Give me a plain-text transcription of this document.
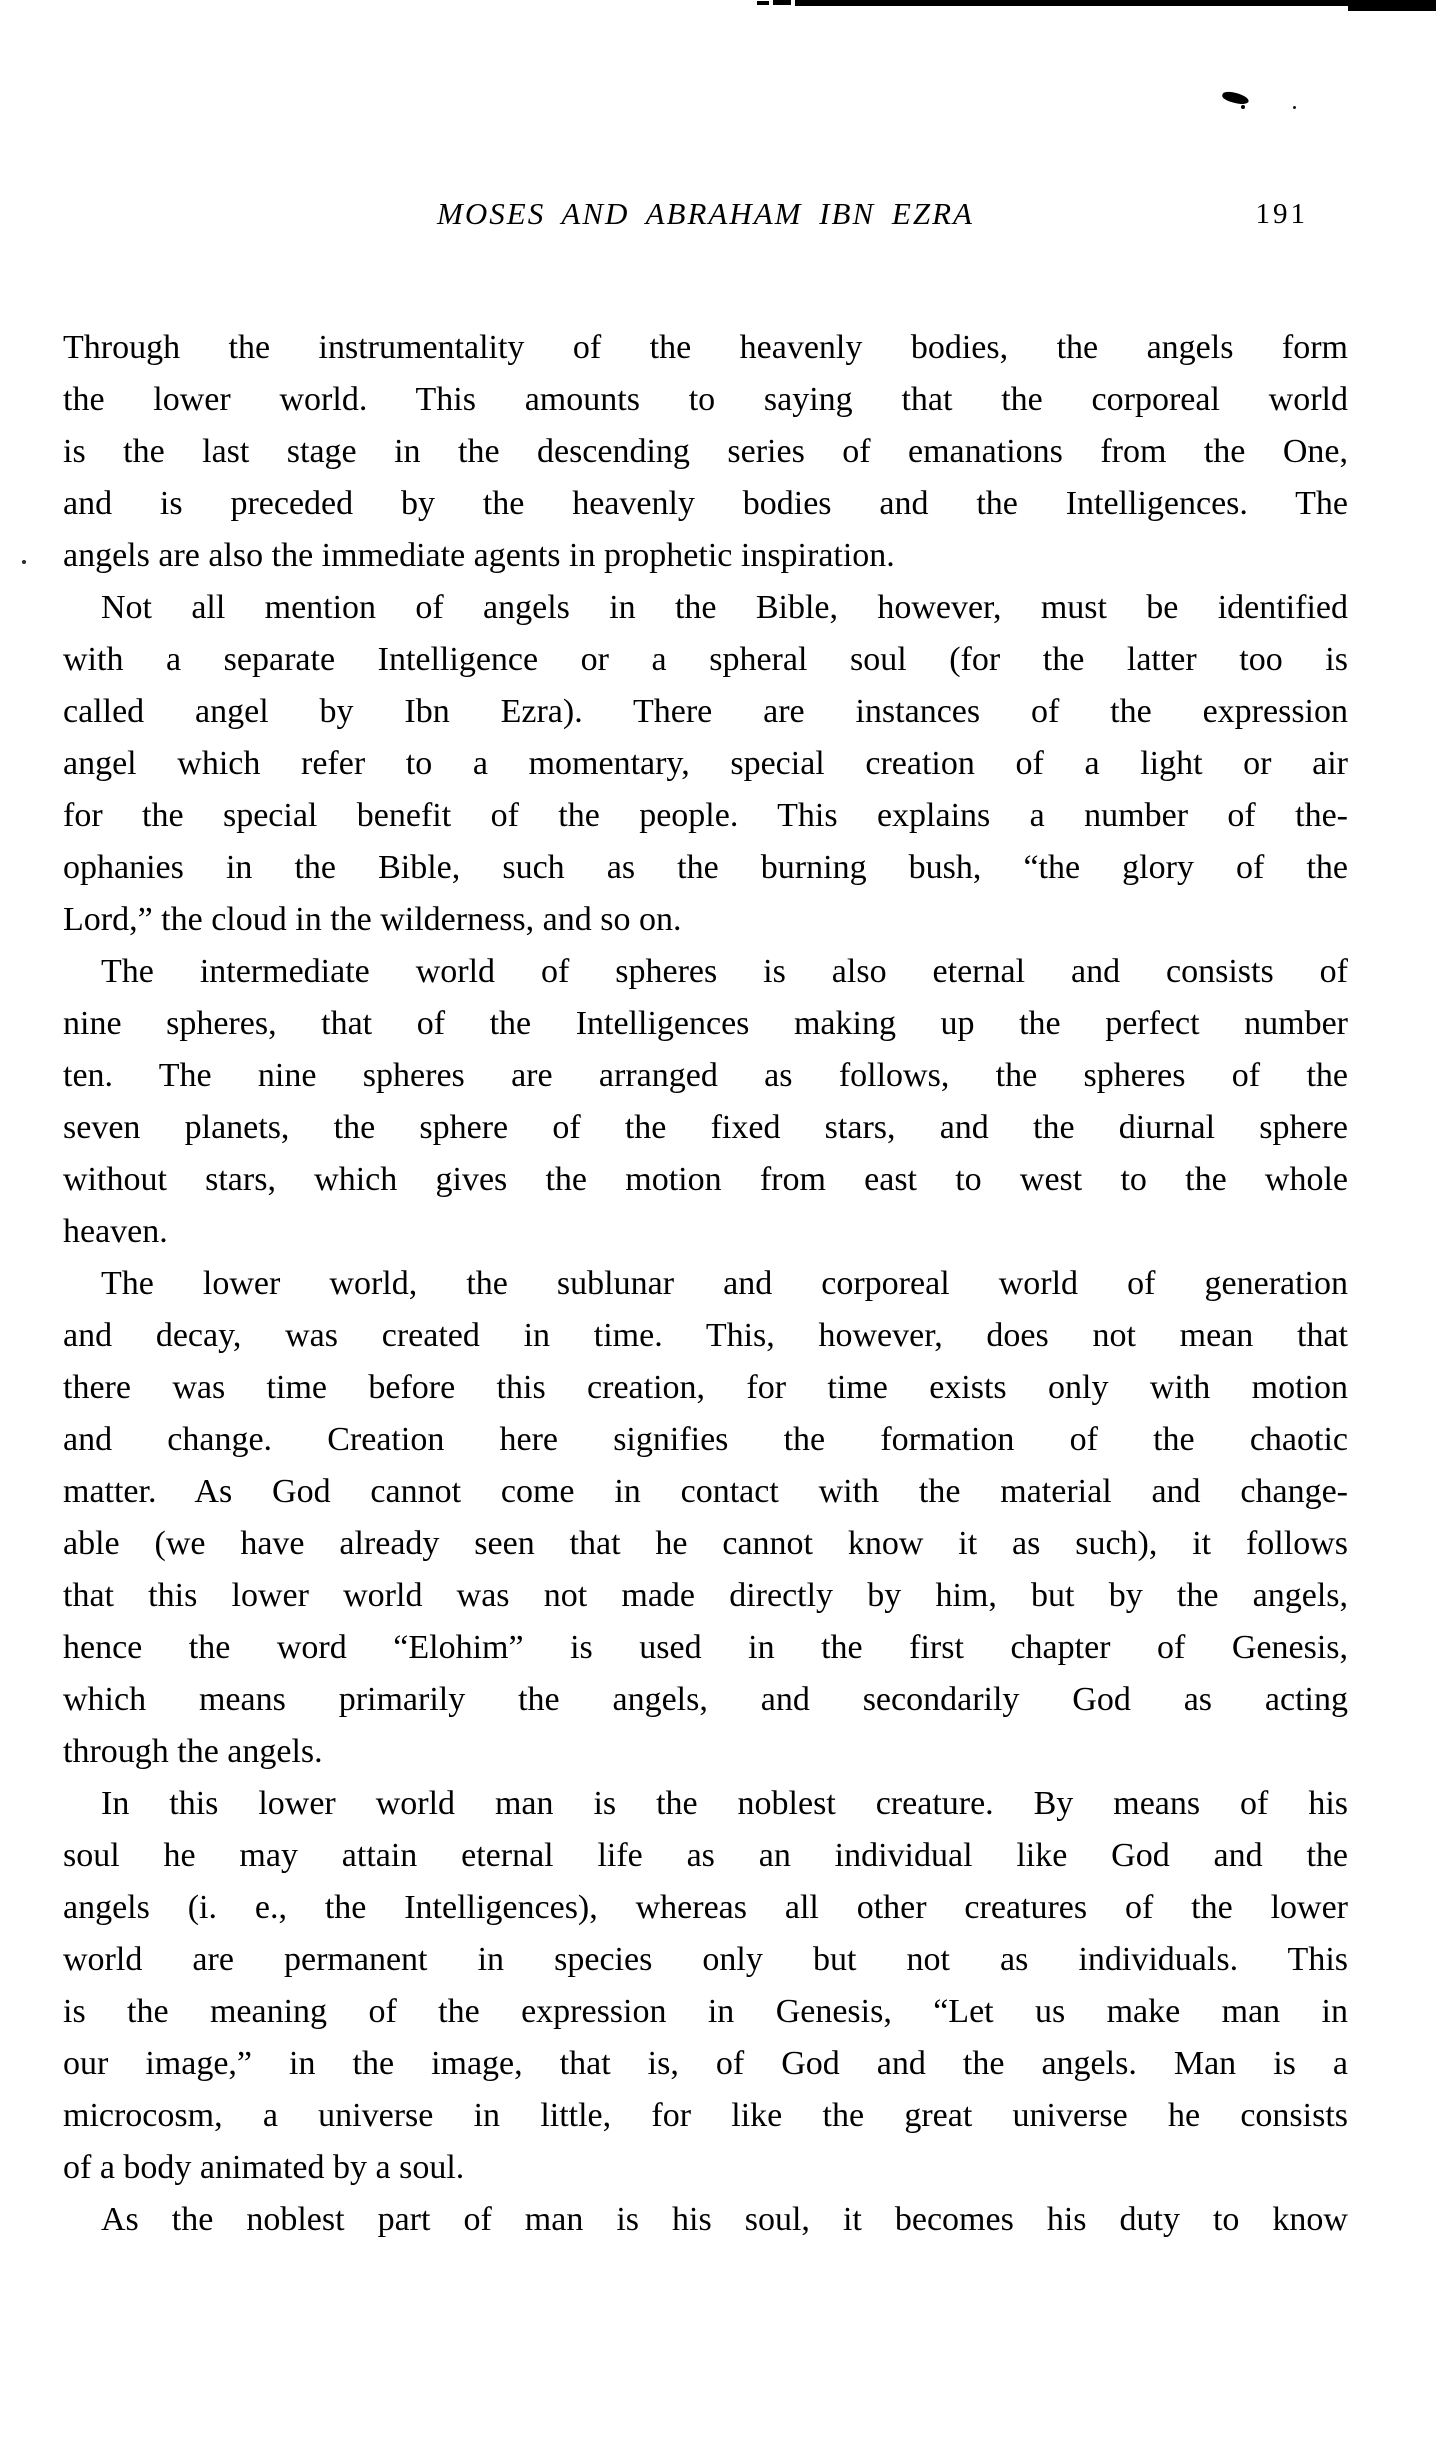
MOSES AND ABRAHAM IBN EZRA	191

Through the instrumentality of the heavenly bodies, the angels form
the lower world. This amounts to saying that the corporeal world
is the last stage in the descending series of emanations from the One,
and is preceded by the heavenly bodies and the Intelligences. The
angels are also the immediate agents in prophetic inspiration.

Not all mention of angels in the Bible, however, must be identified
with a separate Intelligence or a spheral soul (for the latter too is
called angel by Ibn Ezra). There are instances of the expression
angel which refer to a momentary, special creation of a light or air
for the special benefit of the people. This explains a number of the-
ophanies in the Bible, such as the burning bush, “the glory of the
Lord,” the cloud in the wilderness, and so on.

The intermediate world of spheres is also eternal and consists of
nine spheres, that of the Intelligences making up the perfect number
ten. The nine spheres are arranged as follows, the spheres of the
seven planets, the sphere of the fixed stars, and the diurnal sphere
without stars, which gives the motion from east to west to the whole
heaven.

The lower world, the sublunar and corporeal world of generation
and decay, was created in time. This, however, does not mean that
there was time before this creation, for time exists only with motion
and change. Creation here signifies the formation of the chaotic
matter. As God cannot come in contact with the material and change-
able (we have already seen that he cannot know it as such), it follows
that this lower world was not made directly by him, but by the angels,
hence the word “Elohim” is used in the first chapter of Genesis,
which means primarily the angels, and secondarily God as acting
through the angels.

In this lower world man is the noblest creature. By means of his
soul he may attain eternal life as an individual like God and the
angels (i. e., the Intelligences), whereas all other creatures of the lower
world are permanent in species only but not as individuals. This
is the meaning of the expression in Genesis, “Let us make man in
our image,” in the image, that is, of God and the angels. Man is a
microcosm, a universe in little, for like the great universe he consists
of a body animated by a soul.

As the noblest part of man is his soul, it becomes his duty to know
